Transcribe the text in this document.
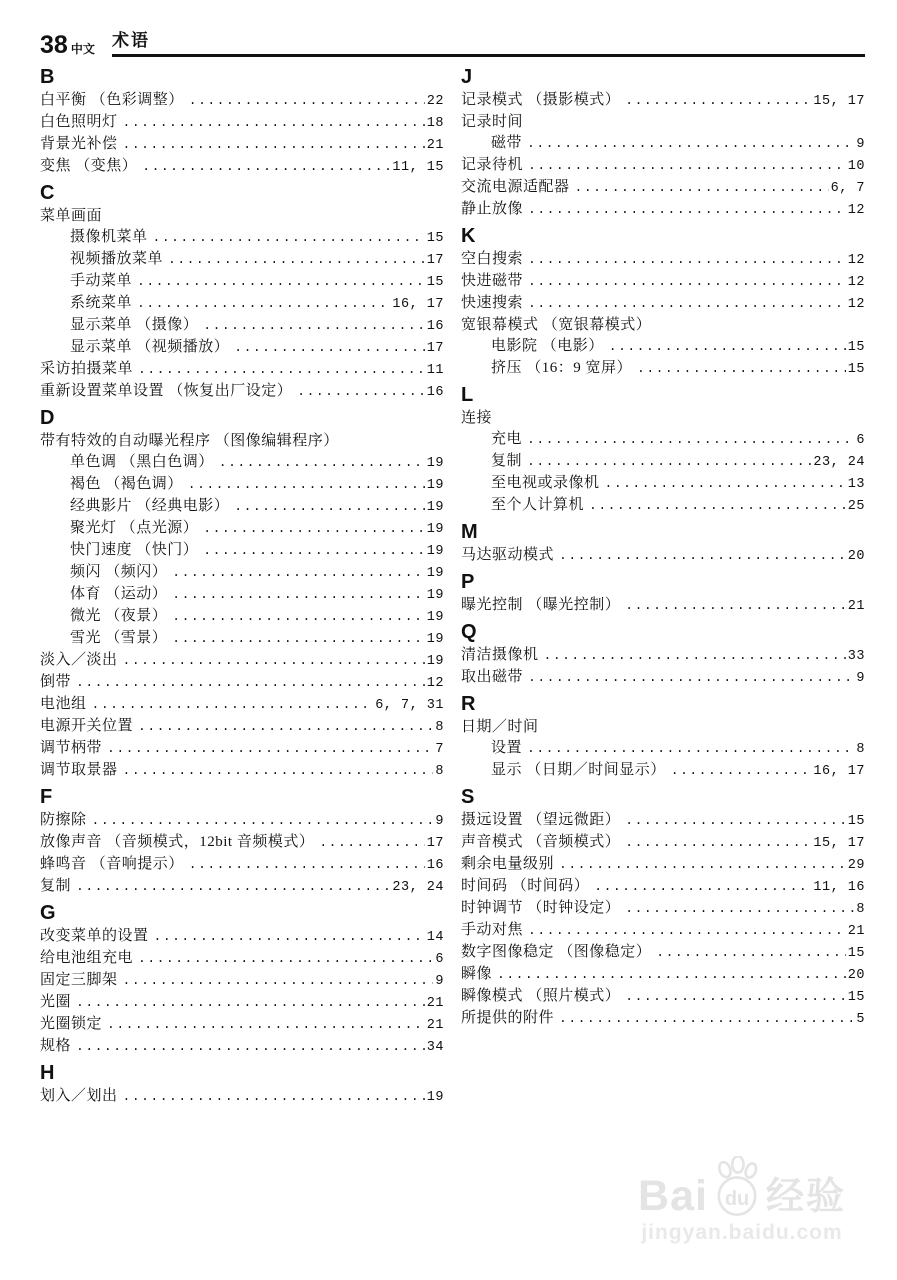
38 中文 术语
B
白平衡 （色彩调整） .....	22
白色照明灯 .....	18
背景光补偿 .....	21
变焦 （变焦） .....	11, 15
C
菜单画面
摄像机菜单 .....	15
视频播放菜单 .....	17
手动菜单 .....	15
系统菜单 .....	16, 17
显示菜单 （摄像） .....	16
显示菜单 （视频播放） .....	17
采访拍摄菜单 .....	11
重新设置菜单设置 （恢复出厂设定） .....	16
D
带有特效的自动曝光程序 （图像编辑程序）
单色调 （黑白色调） .....	19
褐色 （褐色调） .....	19
经典影片 （经典电影） .....	19
聚光灯 （点光源） .....	19
快门速度 （快门） .....	19
频闪 （频闪） .....	19
体育 （运动） .....	19
微光 （夜景） .....	19
雪光 （雪景） .....	19
淡入／淡出 .....	19
倒带 .....	12
电池组 .....	6, 7, 31
电源开关位置 .....	8
调节柄带 .....	7
调节取景器 .....	8
F
防擦除 .....	9
放像声音 （音频模式，12bit 音频模式） .....	17
蜂鸣音 （音响提示） .....	16
复制 .....	23, 24
G
改变菜单的设置 .....	14
给电池组充电 .....	6
固定三脚架 .....	9
光圈 .....	21
光圈锁定 .....	21
规格 .....	34
H
划入／划出 .....	19
J
记录模式 （摄影模式） .....	15, 17
记录时间
磁带 .....	9
记录待机 .....	10
交流电源适配器 .....	6, 7
静止放像 .....	12
K
空白搜索 .....	12
快进磁带 .....	12
快速搜索 .....	12
宽银幕模式 （宽银幕模式）
电影院 （电影） .....	15
挤压 （16：9 宽屏） .....	15
L
连接
充电 .....	6
复制 .....	23, 24
至电视或录像机 .....	13
至个人计算机 .....	25
M
马达驱动模式 .....	20
P
曝光控制 （曝光控制） .....	21
Q
清洁摄像机 .....	33
取出磁带 .....	9
R
日期／时间
设置 .....	8
显示 （日期／时间显示） .....	16, 17
S
摄远设置 （望远微距） .....	15
声音模式 （音频模式） .....	15, 17
剩余电量级别 .....	29
时间码 （时间码） .....	11, 16
时钟调节 （时钟设定） .....	8
手动对焦 .....	21
数字图像稳定 （图像稳定） .....	15
瞬像 .....	20
瞬像模式 （照片模式） .....	15
所提供的附件 .....	5
Bai du 经验
jingyan.baidu.com
